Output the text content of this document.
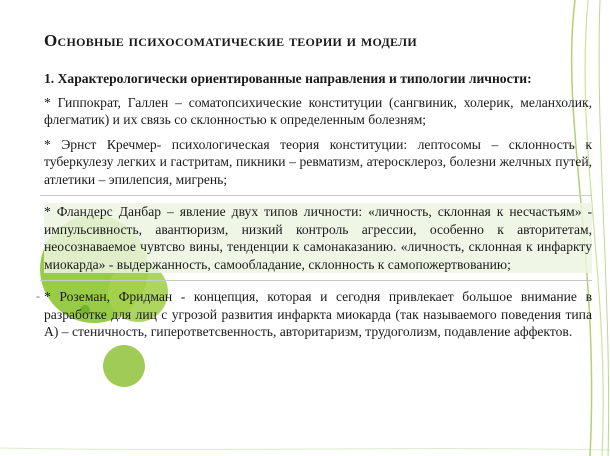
Основные психосоматические теории и модели
1. Характерологически ориентированные направления и типологии личности:
* Гиппократ, Галлен – соматопсихические конституции (сангвиник, холерик, меланхолик, флегматик) и их связь со склонностью к определенным болезням;
* Эрнст Кречмер- психологическая теория конституции: лептосомы – склонность к туберкулезу легких и гастритам, пикники – ревматизм, атеросклероз, болезни желчных путей, атлетики – эпилепсия, мигрень;
* Фландерс Данбар – явление двух типов личности: «личность, склонная к несчастьям» - импульсивность, авантюризм, низкий контроль агрессии, особенно к авторитетам, неосознаваемое чувтсво вины, тенденции к самонаказанию. «личность, склонная к инфаркту миокарда» - выдержанность, самообладание, склонность к самопожертвованию;
- * Роземан, Фридман - концепция, которая и сегодня привлекает большое внимание в разработке для лиц с угрозой развития инфаркта миокарда (так называемого поведения типа А) – стеничность, гиперответсвенность, авторитаризм, трудоголизм, подавление аффектов.
